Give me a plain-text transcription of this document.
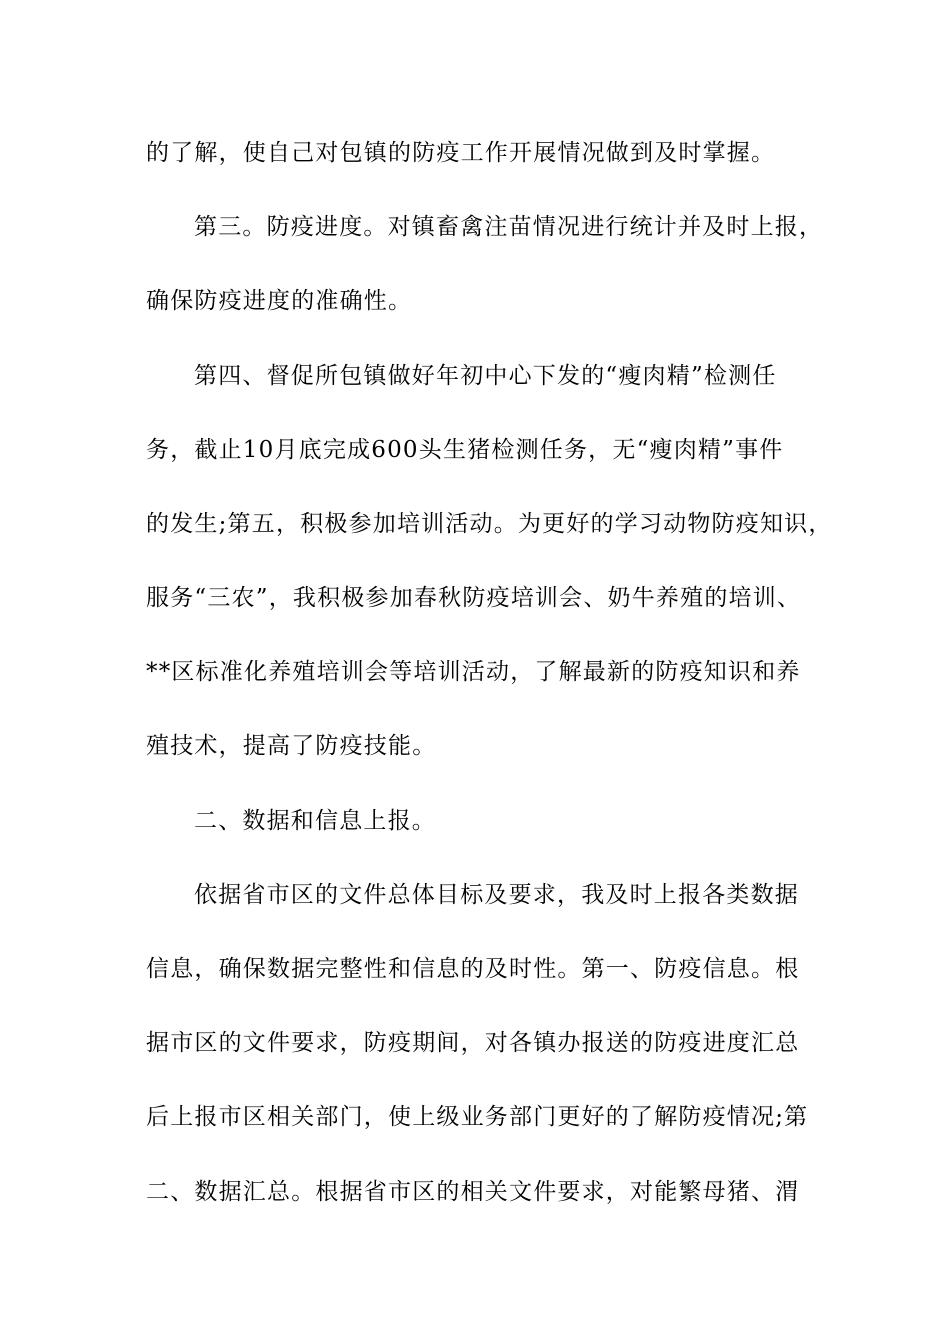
的了解，使自己对包镇的防疫工作开展情况做到及时掌握。
第三。防疫进度。对镇畜禽注苗情况进行统计并及时上报，
确保防疫进度的准确性。
第四、督促所包镇做好年初中心下发的“瘦肉精”检测任
务，截止10月底完成600头生猪检测任务，无“瘦肉精”事件
的发生;第五，积极参加培训活动。为更好的学习动物防疫知识，
服务“三农”，我积极参加春秋防疫培训会、奶牛养殖的培训、
**区标准化养殖培训会等培训活动，了解最新的防疫知识和养
殖技术，提高了防疫技能。
二、数据和信息上报。
依据省市区的文件总体目标及要求，我及时上报各类数据
信息，确保数据完整性和信息的及时性。第一、防疫信息。根
据市区的文件要求，防疫期间，对各镇办报送的防疫进度汇总
后上报市区相关部门，使上级业务部门更好的了解防疫情况;第
二、数据汇总。根据省市区的相关文件要求，对能繁母猪、渭
